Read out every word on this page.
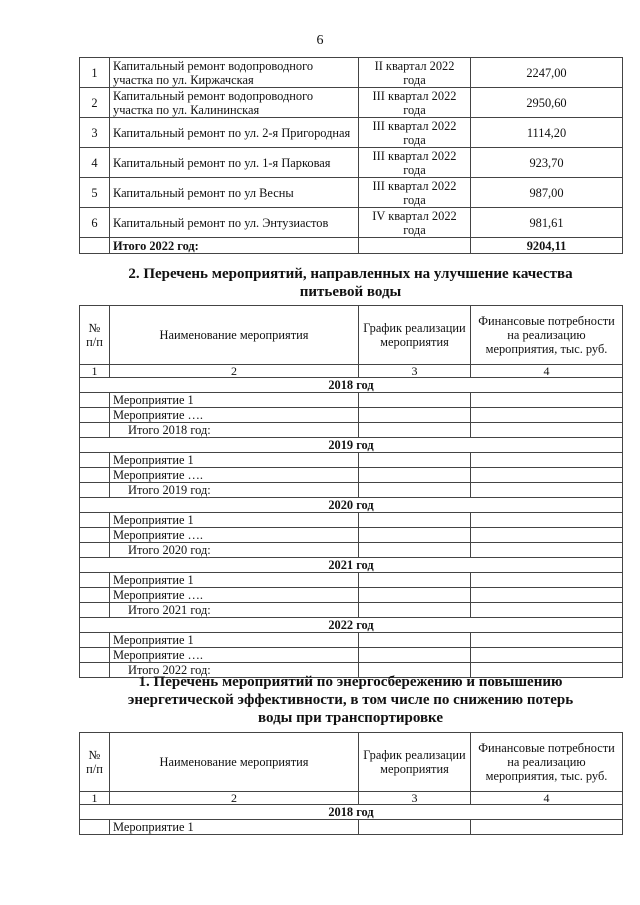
6
1	Капитальный ремонт водопроводного участка по ул. Киржачская	II квартал 2022 года	2247,00
2	Капитальный ремонт водопроводного участка по ул. Калининская	III квартал 2022 года	2950,60
3	Капитальный ремонт по ул. 2-я Пригородная	III квартал 2022 года	1114,20
4	Капитальный ремонт по ул. 1-я Парковая	III квартал 2022 года	923,70
5	Капитальный ремонт по ул Весны	III квартал 2022 года	987,00
6	Капитальный ремонт по ул. Энтузиастов	IV квартал 2022 года	981,61
	Итого 2022 год:		9204,11
2. Перечень мероприятий, направленных на улучшение качества
питьевой воды
№ п/п	Наименование мероприятия	График реализации мероприятия	Финансовые потребности на реализацию мероприятия, тыс. руб.
1	2	3	4
2018 год			
	Мероприятие 1		
	Мероприятие ….		
	Итого 2018 год:		
2019 год			
	Мероприятие 1		
	Мероприятие ….		
	Итого 2019 год:		
2020 год			
	Мероприятие 1		
	Мероприятие ….		
	Итого 2020 год:		
2021 год			
	Мероприятие 1		
	Мероприятие ….		
	Итого 2021 год:		
2022 год			
	Мероприятие 1		
	Мероприятие ….		
	Итого 2022 год:		
1. Перечень мероприятий по энергосбережению и повышению
энергетической эффективности, в том числе по снижению потерь
воды при транспортировке
№ п/п	Наименование мероприятия	График реализации мероприятия	Финансовые потребности на реализацию мероприятия, тыс. руб.
1	2	3	4
2018 год			
	Мероприятие 1		
